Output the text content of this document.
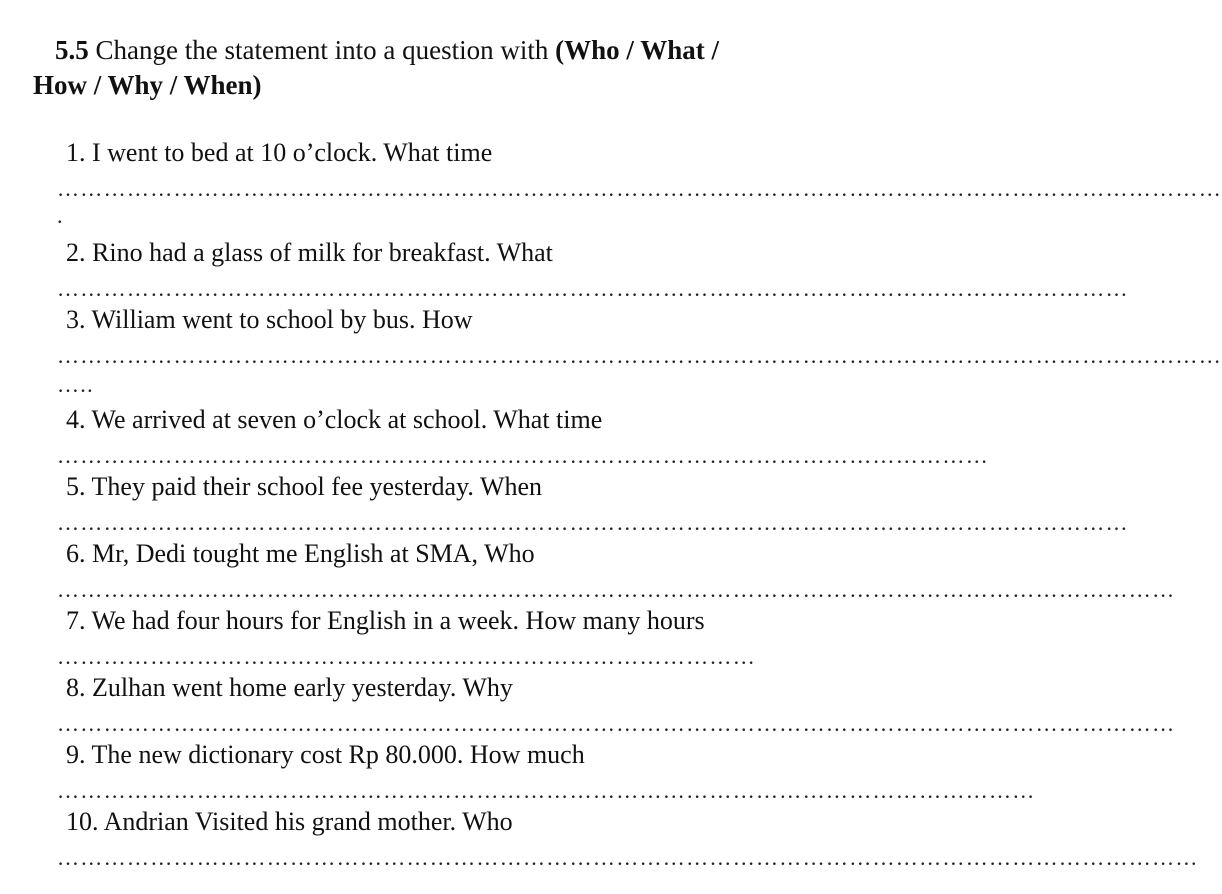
5.5 Change the statement into a question with (Who / What /
How / Why / When)
1. I went to bed at 10 o’clock. What time
……………………………………………………………………………………………………………………………………
.
2. Rino had a glass of milk for breakfast. What
…………………………………………………………………………………………………………………………
3. William went to school by bus. How
……………………………………………………………………………………………………………………………………
…..
4. We arrived at seven o’clock at school. What time
…………………………………………………………………………………………………………
5. They paid their school fee yesterday. When
…………………………………………………………………………………………………………………………
6. Mr, Dedi tought me English at SMA, Who
………………………………………………………………………………………………………………………………
7. We had four hours for English in a week. How many hours
………………………………………………………………………………
8. Zulhan went home early yesterday. Why
………………………………………………………………………………………………………………………………
9. The new dictionary cost Rp 80.000. How much
………………………………………………………………………………………………………………
10. Andrian Visited his grand mother. Who
…………………………………………………………………………………………………………………………………
